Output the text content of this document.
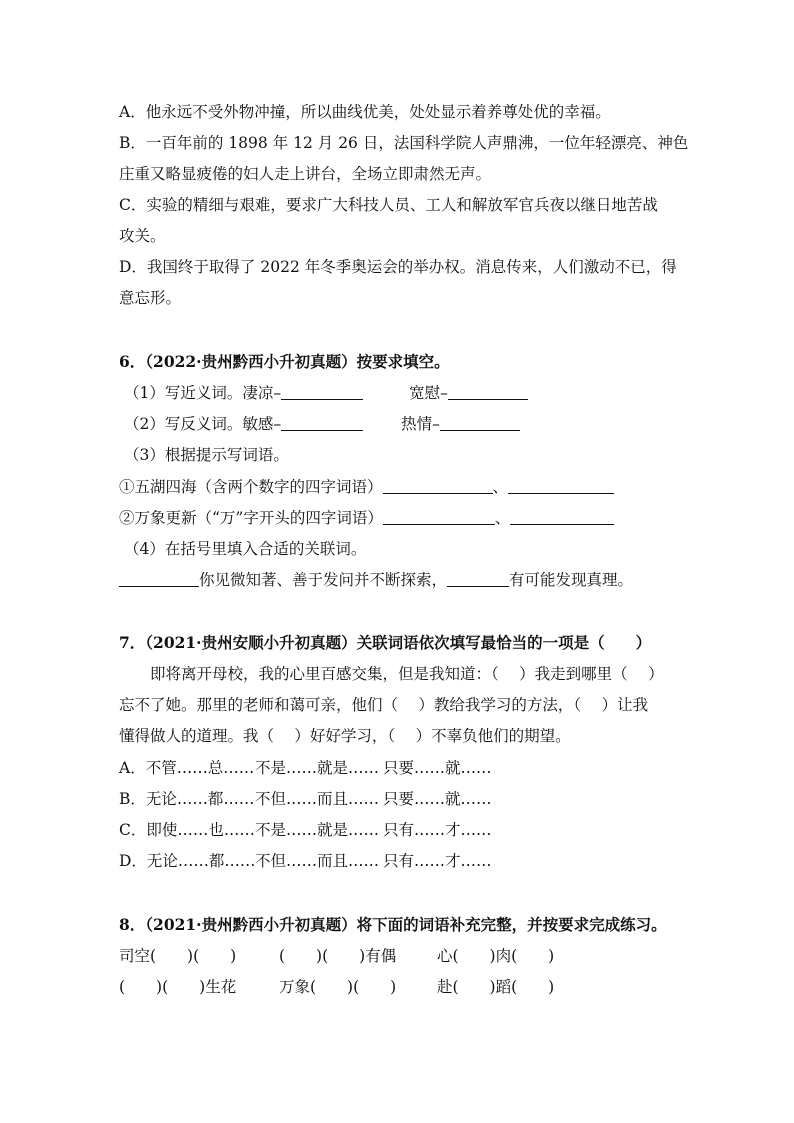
A．他永远不受外物冲撞，所以曲线优美，处处显示着养尊处优的幸福。
B．一百年前的 1898 年 12 月 26 日，法国科学院人声鼎沸，一位年轻漂亮、神色
庄重又略显疲倦的妇人走上讲台，全场立即肃然无声。
C．实验的精细与艰难，要求广大科技人员、工人和解放军官兵夜以继日地苦战
攻关。
D．我国终于取得了 2022 年冬季奥运会的举办权。消息传来，人们激动不已，得
意忘形。
6．（2022·贵州黔西小升初真题）按要求填空。
（1）写近义词。凄凉–	宽慰–
（2）写反义词。敏感–	热情–
（3）根据提示写词语。
①五湖四海（含两个数字的四字词语）	、
②万象更新（“万”字开头的四字词语）	、
（4）在括号里填入合适的关联词。
你见微知著、善于发问并不断探索，	有可能发现真理。
7．（2021·贵州安顺小升初真题）关联词语依次填写最恰当的一项是（　　）
即将离开母校，我的心里百感交集，但是我知道：（　 ）我走到哪里（　 ）
忘不了她。那里的老师和蔼可亲，他们（　 ）教给我学习的方法，（　 ）让我
懂得做人的道理。我（　 ）好好学习，（　 ）不辜负他们的期望。
A．不管……总……不是……就是…… 只要……就……
B．无论……都……不但……而且…… 只要……就……
C．即使……也……不是……就是…… 只有……才……
D．无论……都……不但……而且…… 只有……才……
8．（2021·贵州黔西小升初真题）将下面的词语补充完整，并按要求完成练习。
司空(　　)(　　)	(　　)(　　)有偶	心(　　)肉(　　)
(　　)(　　)生花	万象(　　)(　　)	赴(　　)蹈(　　)
